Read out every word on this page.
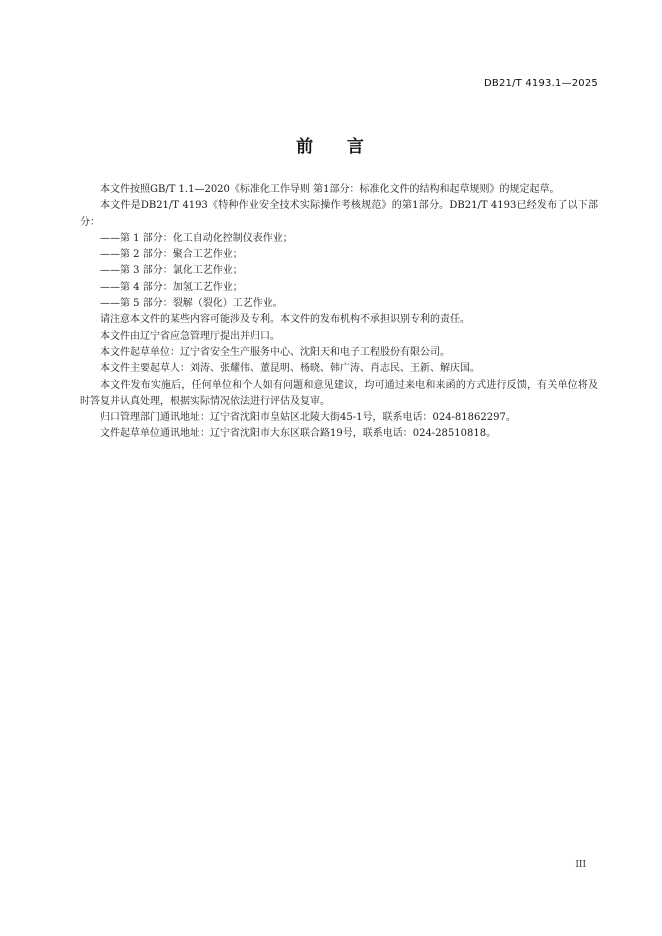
DB21/T 4193.1—2025
前    言

本文件按照GB/T 1.1—2020《标准化工作导则 第1部分：标准化文件的结构和起草规则》的规定起草。

本文件是DB21/T 4193《特种作业安全技术实际操作考核规范》的第1部分。DB21/T 4193已经发布了以下部分：

——第 1 部分：化工自动化控制仪表作业；

——第 2 部分：聚合工艺作业；

——第 3 部分：氯化工艺作业；

——第 4 部分：加氢工艺作业；

——第 5 部分：裂解（裂化）工艺作业。

请注意本文件的某些内容可能涉及专利。本文件的发布机构不承担识别专利的责任。

本文件由辽宁省应急管理厅提出并归口。

本文件起草单位：辽宁省安全生产服务中心、沈阳天和电子工程股份有限公司。

本文件主要起草人：刘涛、张耀伟、董昆明、杨晓、韩广涛、肖志民、王新、解庆国。

本文件发布实施后，任何单位和个人如有问题和意见建议，均可通过来电和来函的方式进行反馈，有关单位将及时答复并认真处理，根据实际情况依法进行评估及复审。

归口管理部门通讯地址：辽宁省沈阳市皇姑区北陵大街45-1号，联系电话：024-81862297。

文件起草单位通讯地址：辽宁省沈阳市大东区联合路19号，联系电话：024-28510818。

III
